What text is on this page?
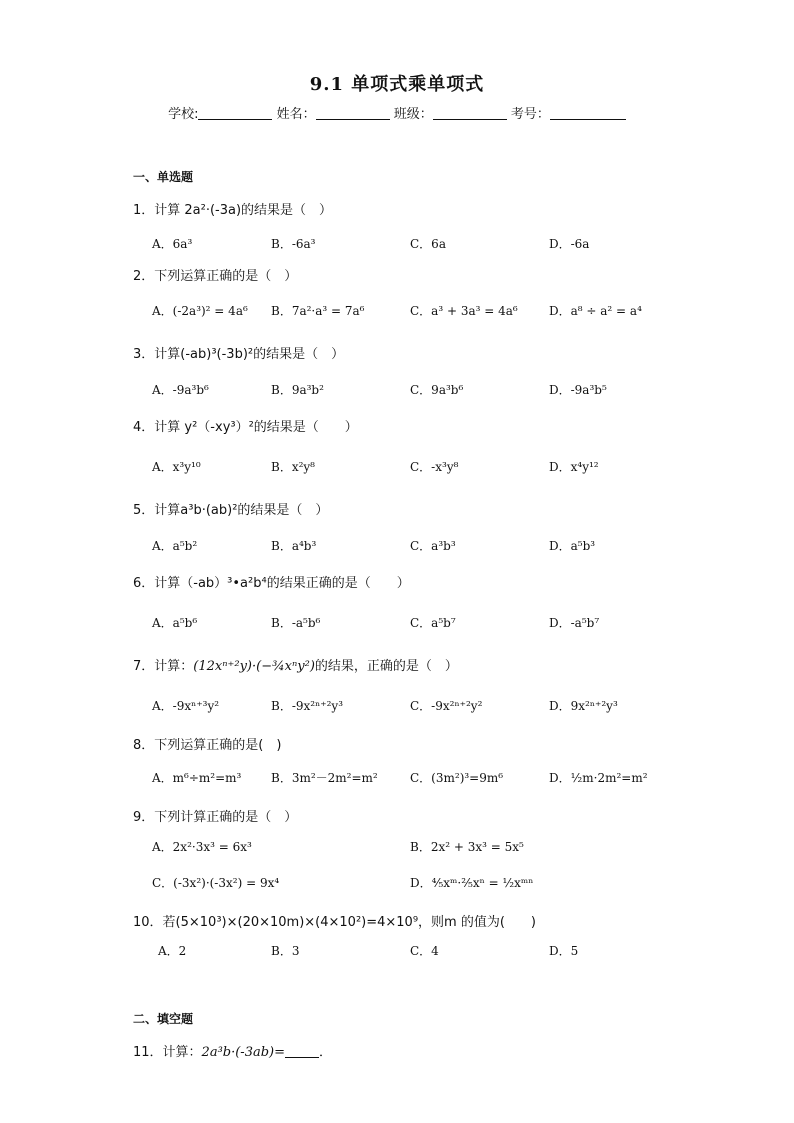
9.1 单项式乘单项式
学校:	姓名：	班级：	考号：
一、单选题
1．计算 2a²·(-3a)的结果是（　）
A．6a³	B．-6a³	C．6a	D．-6a
2．下列运算正确的是（　）
A．(-2a³)² = 4a⁶ B．7a²·a³ = 7a⁶	C．a³ + 3a³ = 4a⁶	D．a⁸ ÷ a² = a⁴
3．计算(-ab)³(-3b)²的结果是（　）
A．-9a³b⁶	B．9a³b²	C．9a³b⁶	D．-9a³b⁵
4．计算 y²（-xy³）²的结果是（　　）
A．x³y¹⁰	B．x²y⁸	C．-x³y⁸	D．x⁴y¹²
5．计算a³b·(ab)²的结果是（　）
A．a⁵b²	B．a⁴b³	C．a³b³	D．a⁵b³
6．计算（-ab）³•a²b⁴的结果正确的是（　　）
A．a⁵b⁶	B．-a⁵b⁶	C．a⁵b⁷	D．-a⁵b⁷
7．计算：(12xⁿ⁺²y)·(−¾xⁿy²)的结果，正确的是（　）
A．-9xⁿ⁺³y²	B．-9x²ⁿ⁺²y³	C．-9x²ⁿ⁺²y²	D．9x²ⁿ⁺²y³
8．下列运算正确的是(　)
A．m⁶÷m²=m³ B．3m²－2m²=m²	C．(3m²)³=9m⁶	D．½m·2m²=m²
9．下列计算正确的是（　）
A．2x²·3x³ = 6x³	B．2x² + 3x³ = 5x⁵
C．(-3x²)·(-3x²) = 9x⁴	D．⅘xᵐ·⅖xⁿ = ½xᵐⁿ
10．若(5×10³)×(20×10m)×(4×10²)=4×10⁹，则m 的值为(　　)
A．2	B．3	C．4	D．5
二、填空题
11．计算：2a³b·(-3ab)=	．
